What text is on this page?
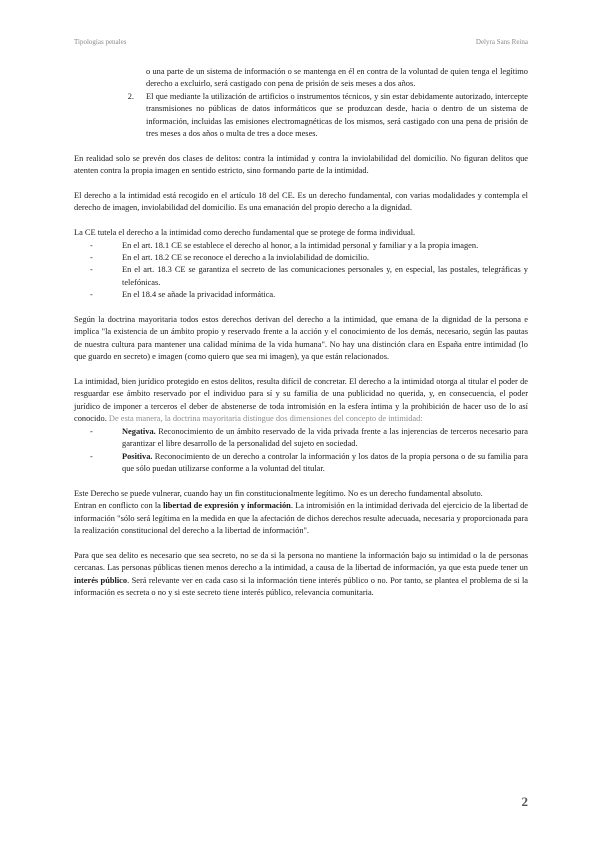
Tipologías penales	Delyra Sans Reina

o una parte de un sistema de información o se mantenga en él en contra de la voluntad de quien tenga el legítimo derecho a excluirlo, será castigado con pena de prisión de seis meses a dos años.

2.	El que mediante la utilización de artificios o instrumentos técnicos, y sin estar debidamente autorizado, intercepte transmisiones no públicas de datos informáticos que se produzcan desde, hacia o dentro de un sistema de información, incluidas las emisiones electromagnéticas de los mismos, será castigado con una pena de prisión de tres meses a dos años o multa de tres a doce meses.

En realidad solo se prevén dos clases de delitos: contra la intimidad y contra la inviolabilidad del domicilio. No figuran delitos que atenten contra la propia imagen en sentido estricto, sino formando parte de la intimidad.

El derecho a la intimidad está recogido en el artículo 18 del CE. Es un derecho fundamental, con varias modalidades y contempla el derecho de imagen, inviolabilidad del domicilio. Es una emanación del propio derecho a la dignidad.

La CE tutela el derecho a la intimidad como derecho fundamental que se protege de forma individual.

-	En el art. 18.1 CE se establece el derecho al honor, a la intimidad personal y familiar y a la propia imagen.
-	En el art. 18.2 CE se reconoce el derecho a la inviolabilidad de domicilio.
-	En el art. 18.3 CE se garantiza el secreto de las comunicaciones personales y, en especial, las postales, telegráficas y telefónicas.
-	En el 18.4 se añade la privacidad informática.

Según la doctrina mayoritaria todos estos derechos derivan del derecho a la intimidad, que emana de la dignidad de la persona e implica "la existencia de un ámbito propio y reservado frente a la acción y el conocimiento de los demás, necesario, según las pautas de nuestra cultura para mantener una calidad mínima de la vida humana". No hay una distinción clara en España entre intimidad (lo que guardo en secreto) e imagen (como quiero que sea mi imagen), ya que están relacionados.

La intimidad, bien jurídico protegido en estos delitos, resulta difícil de concretar. El derecho a la intimidad otorga al titular el poder de resguardar ese ámbito reservado por el individuo para sí y su familia de una publicidad no querida, y, en consecuencia, el poder jurídico de imponer a terceros el deber de abstenerse de toda intromisión en la esfera íntima y la prohibición de hacer uso de lo así conocido. De esta manera, la doctrina mayoritaria distingue dos dimensiones del concepto de intimidad:

-	Negativa. Reconocimiento de un ámbito reservado de la vida privada frente a las injerencias de terceros necesario para garantizar el libre desarrollo de la personalidad del sujeto en sociedad.
-	Positiva. Reconocimiento de un derecho a controlar la información y los datos de la propia persona o de su familia para que sólo puedan utilizarse conforme a la voluntad del titular.

Este Derecho se puede vulnerar, cuando hay un fin constitucionalmente legítimo. No es un derecho fundamental absoluto.

Entran en conflicto con la libertad de expresión y información. La intromisión en la intimidad derivada del ejercicio de la libertad de información "sólo será legítima en la medida en que la afectación de dichos derechos resulte adecuada, necesaria y proporcionada para la realización constitucional del derecho a la libertad de información".

Para que sea delito es necesario que sea secreto, no se da si la persona no mantiene la información bajo su intimidad o la de personas cercanas. Las personas públicas tienen menos derecho a la intimidad, a causa de la libertad de información, ya que esta puede tener un interés público. Será relevante ver en cada caso si la información tiene interés público o no. Por tanto, se plantea el problema de si la información es secreta o no y si este secreto tiene interés público, relevancia comunitaria.

2
